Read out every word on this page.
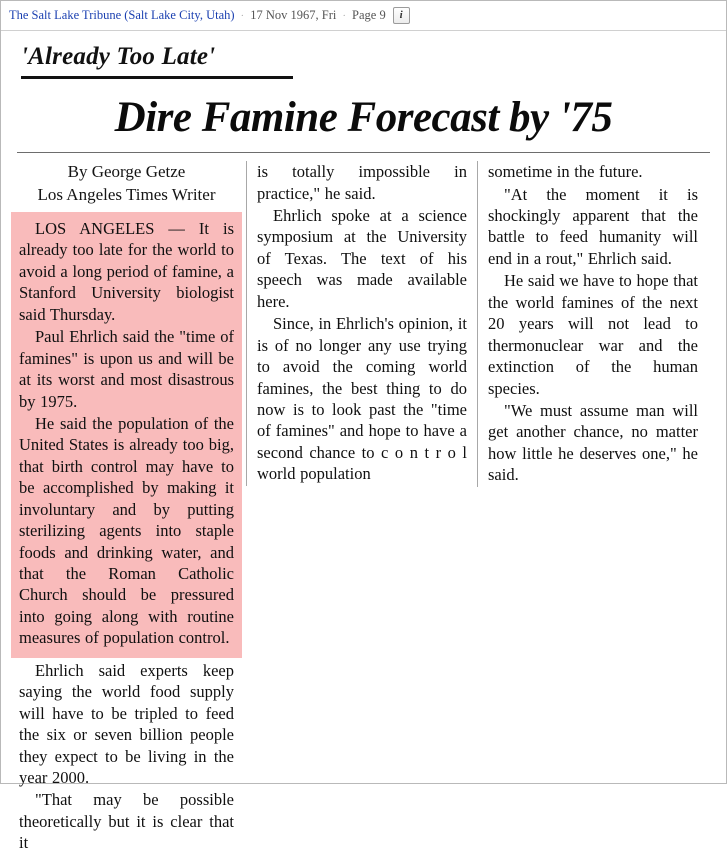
The Salt Lake Tribune (Salt Lake City, Utah) · 17 Nov 1967, Fri · Page 9	i
'Already Too Late'
Dire Famine Forecast by '75
By George Getze
Los Angeles Times Writer

LOS ANGELES — It is already too late for the world to avoid a long period of famine, a Stanford University biologist said Thursday.

Paul Ehrlich said the "time of famines" is upon us and will be at its worst and most disastrous by 1975.

He said the population of the United States is already too big, that birth control may have to be accomplished by making it involuntary and by putting sterilizing agents into staple foods and drinking water, and that the Roman Catholic Church should be pressured into going along with routine measures of population control.

Ehrlich said experts keep saying the world food supply will have to be tripled to feed the six or seven billion people they expect to be living in the year 2000.

"That may be possible theoretically but it is clear that it

is totally impossible in practice," he said.

Ehrlich spoke at a science symposium at the University of Texas. The text of his speech was made available here.

Since, in Ehrlich's opinion, it is of no longer any use trying to avoid the coming world famines, the best thing to do now is to look past the "time of famines" and hope to have a second chance to c o n t r o l world population

sometime in the future.

"At the moment it is shockingly apparent that the battle to feed humanity will end in a rout," Ehrlich said.

He said we have to hope that the world famines of the next 20 years will not lead to thermonuclear war and the extinction of the human species.

"We must assume man will get another chance, no matter how little he deserves one," he said.
